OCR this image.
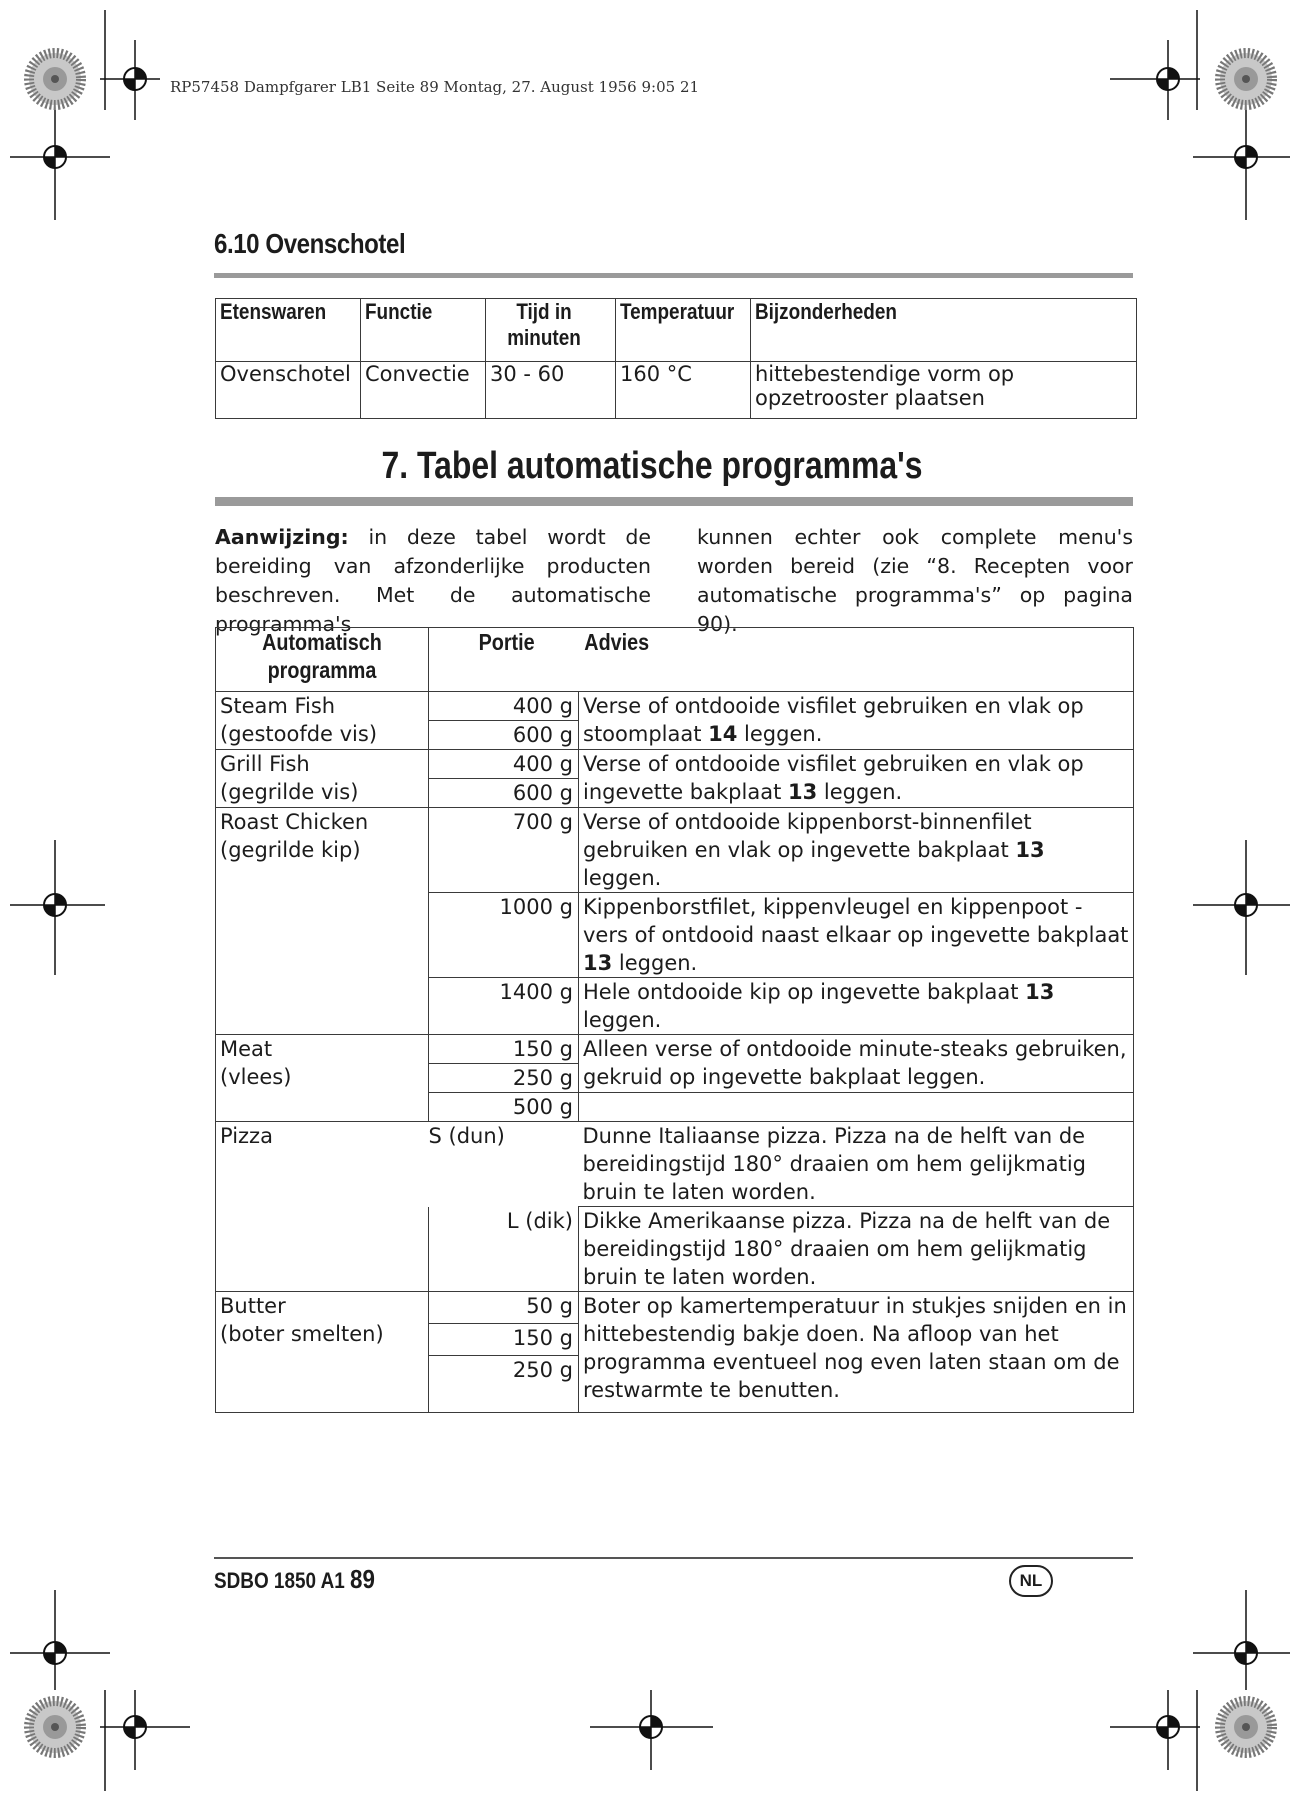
RP57458 Dampfgarer LB1 Seite 89 Montag, 27. August 1956 9:05 21
6.10 Ovenschotel
Etenswaren	Functie	Tijd in minuten	Temperatuur	Bijzonderheden
Ovenschotel	Convectie	30 - 60	160 °C	hittebestendige vorm op opzetrooster plaatsen
7. Tabel automatische programma's
Aanwijzing: in deze tabel wordt de bereiding van afzonderlijke producten beschreven. Met de automatische programma's
kunnen echter ook complete menu's worden bereid (zie “8. Recepten voor automatische programma's” op pagina 90).
Automatisch programma	Portie	Advies

Steam Fish
(gestoofde vis)	400 g	Verse of ontdooide visfilet gebruiken en vlak op stoomplaat 14 leggen.
	600 g	

Grill Fish
(gegrilde vis)	400 g	Verse of ontdooide visfilet gebruiken en vlak op ingevette bakplaat 13 leggen.
	600 g	

Roast Chicken
(gegrilde kip)	700 g	Verse of ontdooide kippenborst-binnenfilet gebruiken en vlak op ingevette bakplaat 13 leggen.
	1000 g	Kippenborstfilet, kippenvleugel en kippenpoot - vers of ontdooid naast elkaar op ingevette bakplaat 13 leggen.
	1400 g	Hele ontdooide kip op ingevette bakplaat 13 leggen.

Meat
(vlees)	150 g	Alleen verse of ontdooide minute-steaks gebruiken, gekruid op ingevette bakplaat leggen.
	250 g	
	500 g	
Pizza	S (dun)	Dunne Italiaanse pizza. Pizza na de helft van de bereidingstijd 180° draaien om hem gelijkmatig bruin te laten worden.
	L (dik)	Dikke Amerikaanse pizza. Pizza na de helft van de bereidingstijd 180° draaien om hem gelijkmatig bruin te laten worden.

Butter
(boter smelten)	50 g	Boter op kamertemperatuur in stukjes snijden en in hittebestendig bakje doen. Na afloop van het programma eventueel nog even laten staan om de restwarmte te benutten.
	150 g	
	250 g	
SDBO 1850 A1 89	NL
